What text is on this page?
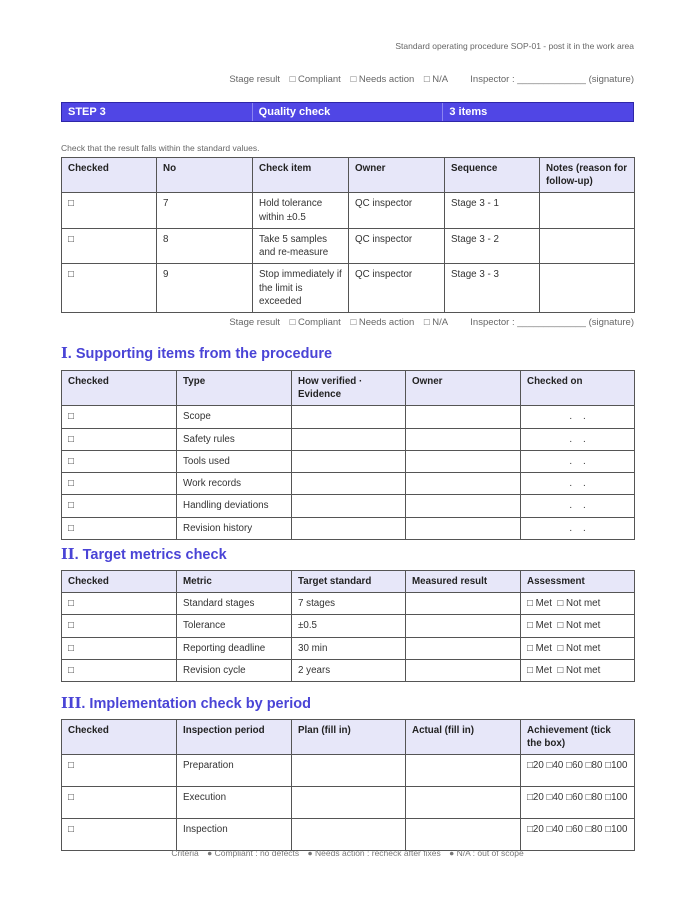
Standard operating procedure SOP-01 - post it in the work area
Stage result □ Compliant □ Needs action □ N/A Inspector : _____________ (signature)
STEP 3	Quality check	3 items
Check that the result falls within the standard values.
Checked	No	Check item	Owner	Sequence	Notes (reason for follow-up)
□	7	Hold tolerance within ±0.5	QC inspector	Stage 3 - 1	
□	8	Take 5 samples and re-measure	QC inspector	Stage 3 - 2	
□	9	Stop immediately if the limit is exceeded	QC inspector	Stage 3 - 3	
Stage result □ Compliant □ Needs action □ N/A Inspector : _____________ (signature)
I. Supporting items from the procedure
Checked	Type	How verified · Evidence	Owner	Checked on
□	Scope			.    .
□	Safety rules			.    .
□	Tools used			.    .
□	Work records			.    .
□	Handling deviations			.    .
□	Revision history			.    .
II. Target metrics check
Checked	Metric	Target standard	Measured result	Assessment
□	Standard stages	7 stages		□ Met  □ Not met
□	Tolerance	±0.5		□ Met  □ Not met
□	Reporting deadline	30 min		□ Met  □ Not met
□	Revision cycle	2 years		□ Met  □ Not met
III. Implementation check by period
Checked	Inspection period	Plan (fill in)	Actual (fill in)	Achievement (tick the box)
□	Preparation			□20 □40 □60 □80 □100
□	Execution			□20 □40 □60 □80 □100
□	Inspection			□20 □40 □60 □80 □100
Criteria ● Compliant : no defects ● Needs action : recheck after fixes ● N/A : out of scope
